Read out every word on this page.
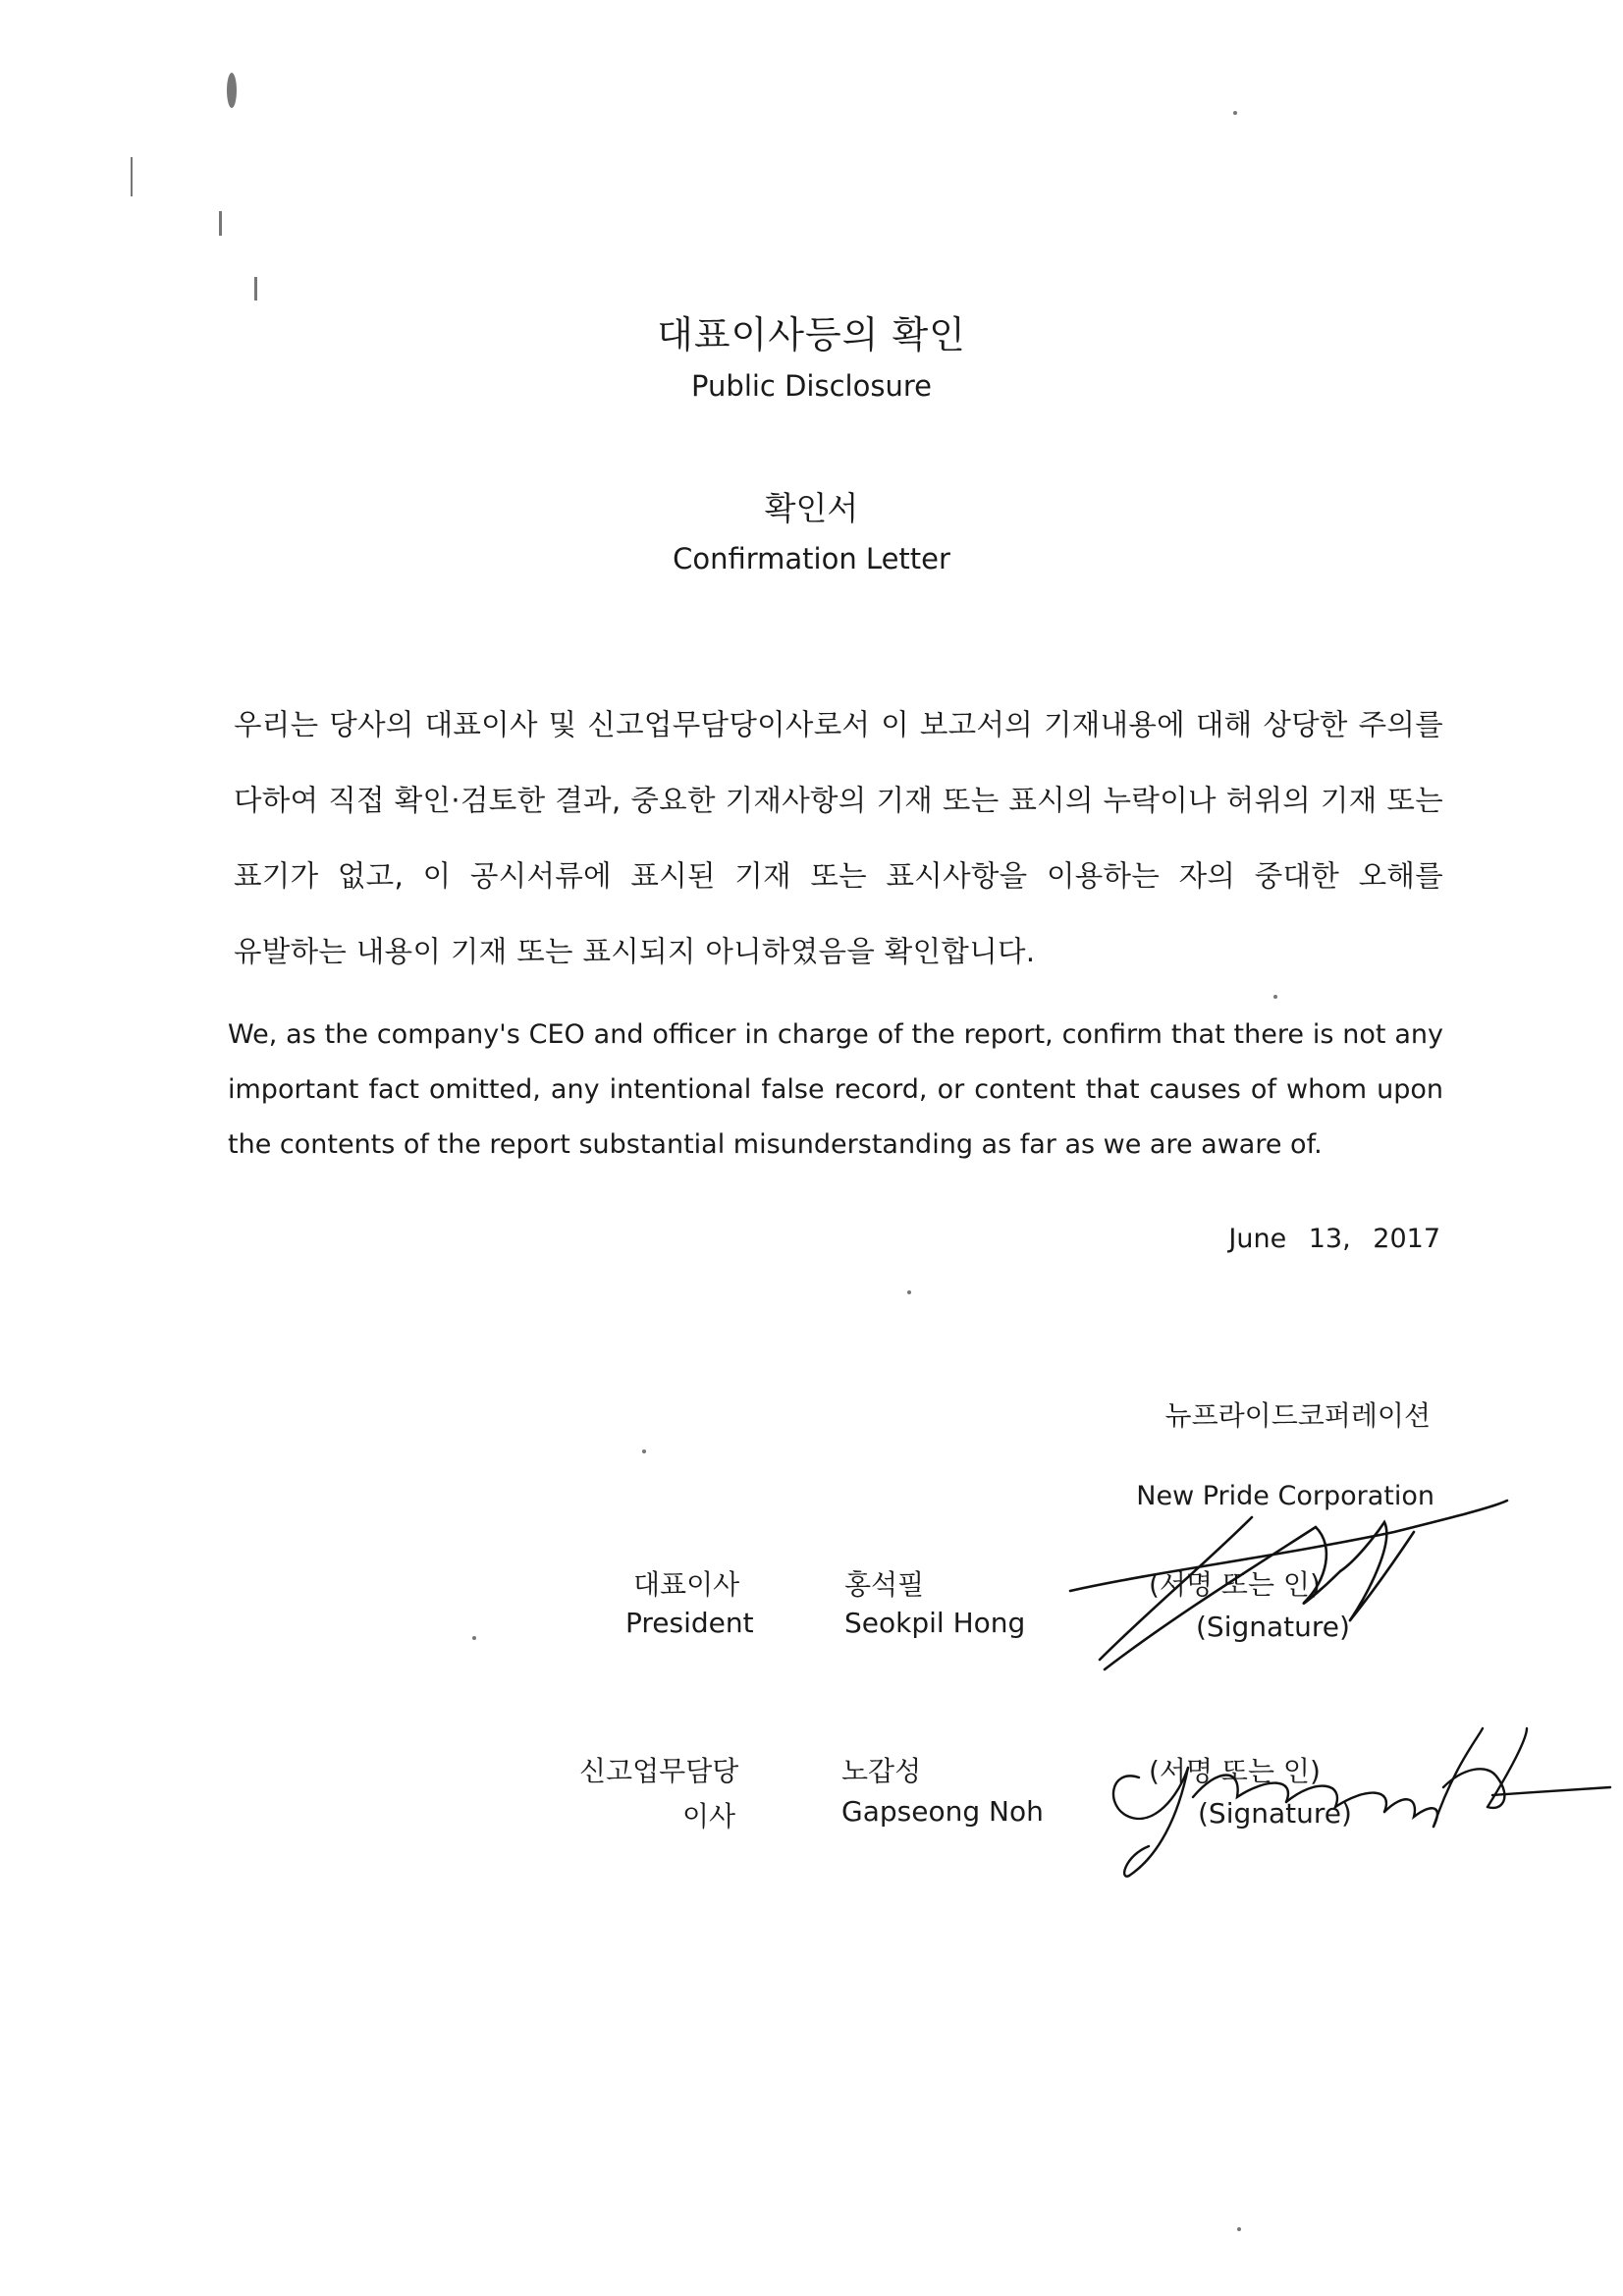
대표이사등의 확인
Public Disclosure
확인서
Confirmation Letter
우리는 당사의 대표이사 및 신고업무담당이사로서 이 보고서의 기재내용에 대해 상당한 주의를 다하여 직접 확인·검토한 결과, 중요한 기재사항의 기재 또는 표시의 누락이나 허위의 기재 또는 표기가 없고, 이 공시서류에 표시된 기재 또는 표시사항을 이용하는 자의 중대한 오해를 유발하는 내용이 기재 또는 표시되지 아니하였음을 확인합니다.
We, as the company's CEO and officer in charge of the report, confirm that there is not any important fact omitted, any intentional false record, or content that causes of whom upon the contents of the report substantial misunderstanding as far as we are aware of.
June 13, 2017
뉴프라이드코퍼레이션
New Pride Corporation
대표이사
President
홍석필
Seokpil Hong
(서명 또는 인)
(Signature)
신고업무담당
이사
노갑성
Gapseong Noh
(서명 또는 인)
(Signature)
